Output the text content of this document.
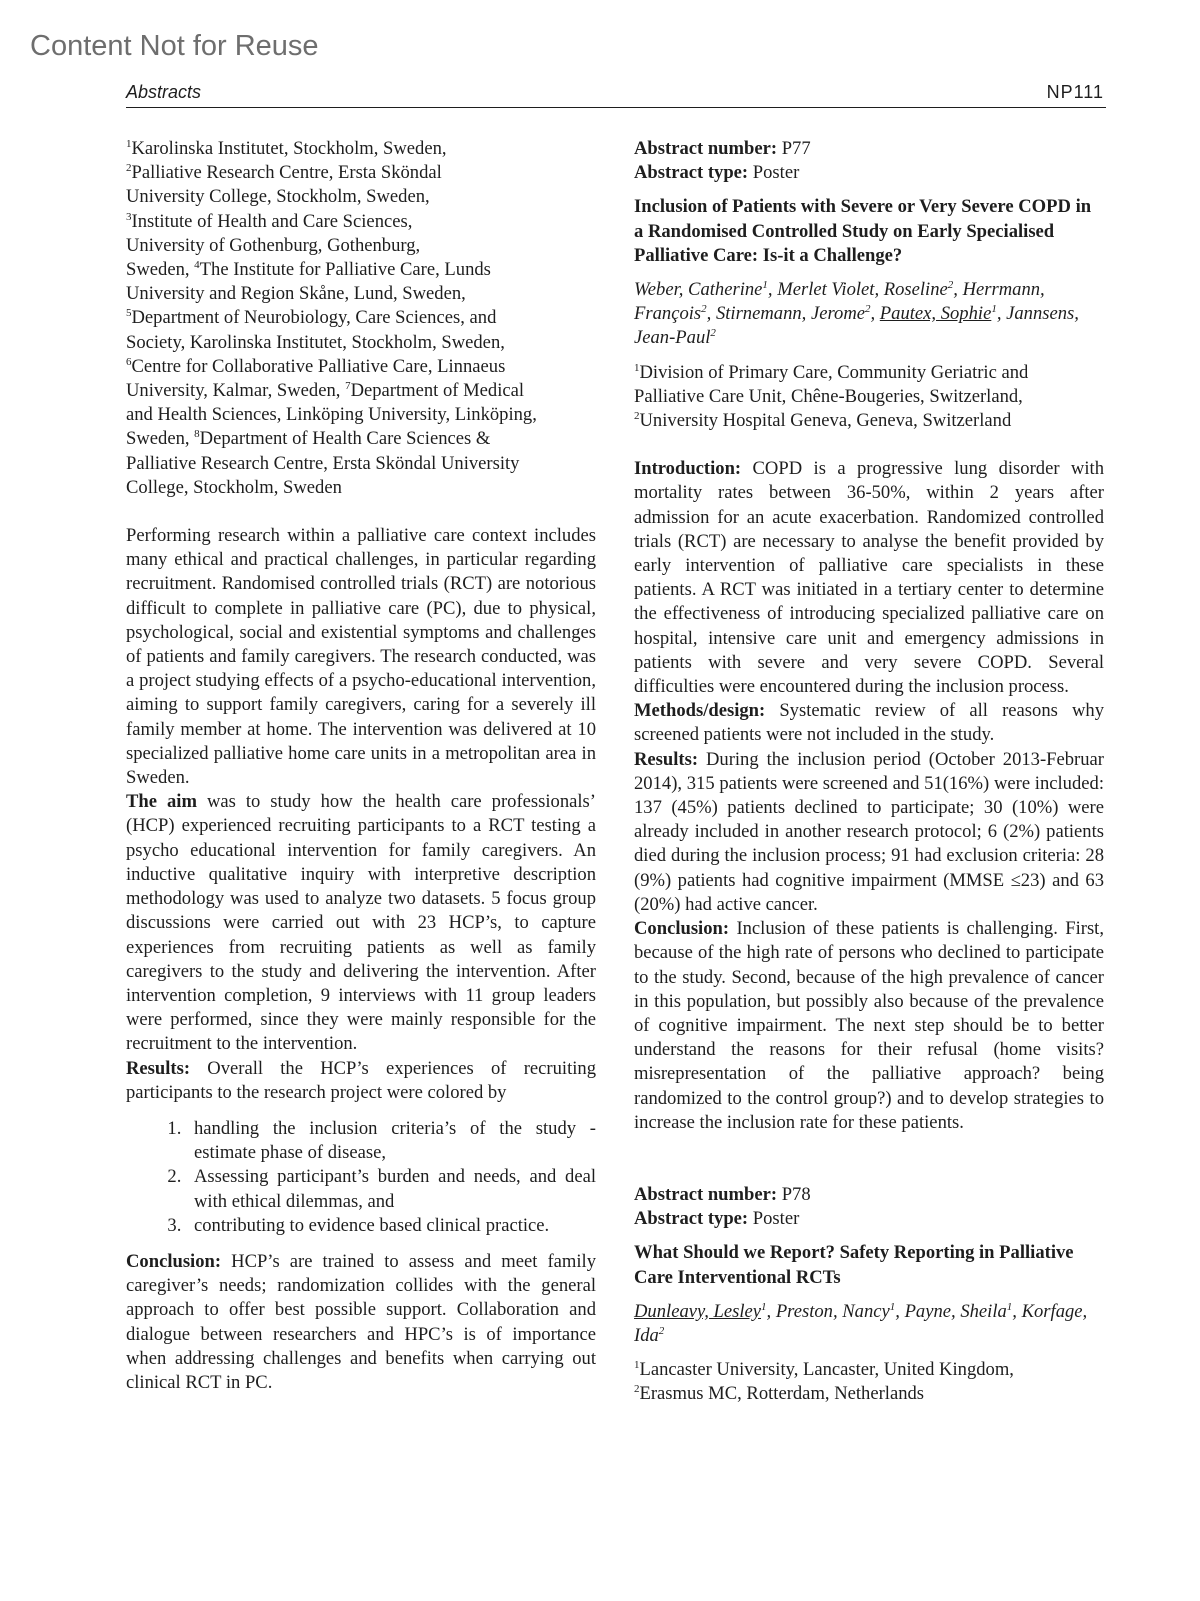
Content Not for Reuse
Abstracts	NP111
$^1$Karolinska Institutet, Stockholm, Sweden,
$^2$Palliative Research Centre, Ersta Sköndal
University College, Stockholm, Sweden,
$^3$Institute of Health and Care Sciences,
University of Gothenburg, Gothenburg,
Sweden, $^4$The Institute for Palliative Care, Lunds
University and Region Skåne, Lund, Sweden,
$^5$Department of Neurobiology, Care Sciences, and
Society, Karolinska Institutet, Stockholm, Sweden,
$^6$Centre for Collaborative Palliative Care, Linnaeus
University, Kalmar, Sweden, $^7$Department of Medical
and Health Sciences, Linköping University, Linköping,
Sweden, $^8$Department of Health Care Sciences &
Palliative Research Centre, Ersta Sköndal University
College, Stockholm, Sweden

Performing research within a palliative care context includes many ethical and practical challenges, in particular regarding recruitment. Randomised controlled trials (RCT) are notorious difficult to complete in palliative care (PC), due to physical, psychological, social and existential symptoms and challenges of patients and family caregivers. The research conducted, was a project studying effects of a psycho-educational intervention, aiming to support family caregivers, caring for a severely ill family member at home. The intervention was delivered at 10 specialized palliative home care units in a metropolitan area in Sweden.

The aim was to study how the health care professionals’ (HCP) experienced recruiting participants to a RCT testing a psycho educational intervention for family caregivers. An inductive qualitative inquiry with interpretive description methodology was used to analyze two datasets. 5 focus group discussions were carried out with 23 HCP’s, to capture experiences from recruiting patients as well as family caregivers to the study and delivering the intervention. After intervention completion, 9 interviews with 11 group leaders were performed, since they were mainly responsible for the recruitment to the intervention.

Results: Overall the HCP’s experiences of recruiting participants to the research project were colored by

1. handling the inclusion criteria’s of the study - estimate phase of disease,
2. Assessing participant’s burden and needs, and deal with ethical dilemmas, and
3. contributing to evidence based clinical practice.

Conclusion: HCP’s are trained to assess and meet family caregiver’s needs; randomization collides with the general approach to offer best possible support. Collaboration and dialogue between researchers and HPC’s is of importance when addressing challenges and benefits when carrying out clinical RCT in PC.

Abstract number: P77
Abstract type: Poster
Inclusion of Patients with Severe or Very Severe COPD in a Randomised Controlled Study on Early Specialised Palliative Care: Is-it a Challenge?
Weber, Catherine$^1$, Merlet Violet, Roseline$^2$, Herrmann, François$^2$, Stirnemann, Jerome$^2$, Pautex, Sophie$^1$, Jannsens, Jean-Paul$^2$
$^1$Division of Primary Care, Community Geriatric and
Palliative Care Unit, Chêne-Bougeries, Switzerland,
$^2$University Hospital Geneva, Geneva, Switzerland

Introduction: COPD is a progressive lung disorder with mortality rates between 36-50%, within 2 years after admission for an acute exacerbation. Randomized controlled trials (RCT) are necessary to analyse the benefit provided by early intervention of palliative care specialists in these patients. A RCT was initiated in a tertiary center to determine the effectiveness of introducing specialized palliative care on hospital, intensive care unit and emergency admissions in patients with severe and very severe COPD. Several difficulties were encountered during the inclusion process.

Methods/design: Systematic review of all reasons why screened patients were not included in the study.

Results: During the inclusion period (October 2013-Februar 2014), 315 patients were screened and 51(16%) were included: 137 (45%) patients declined to participate; 30 (10%) were already included in another research protocol; 6 (2%) patients died during the inclusion process; 91 had exclusion criteria: 28 (9%) patients had cognitive impairment (MMSE ≤23) and 63 (20%) had active cancer.

Conclusion: Inclusion of these patients is challenging. First, because of the high rate of persons who declined to participate to the study. Second, because of the high prevalence of cancer in this population, but possibly also because of the prevalence of cognitive impairment. The next step should be to better understand the reasons for their refusal (home visits? misrepresentation of the palliative approach? being randomized to the control group?) and to develop strategies to increase the inclusion rate for these patients.

Abstract number: P78
Abstract type: Poster
What Should we Report? Safety Reporting in Palliative Care Interventional RCTs
Dunleavy, Lesley$^1$, Preston, Nancy$^1$, Payne, Sheila$^1$, Korfage, Ida$^2$
$^1$Lancaster University, Lancaster, United Kingdom,
$^2$Erasmus MC, Rotterdam, Netherlands
